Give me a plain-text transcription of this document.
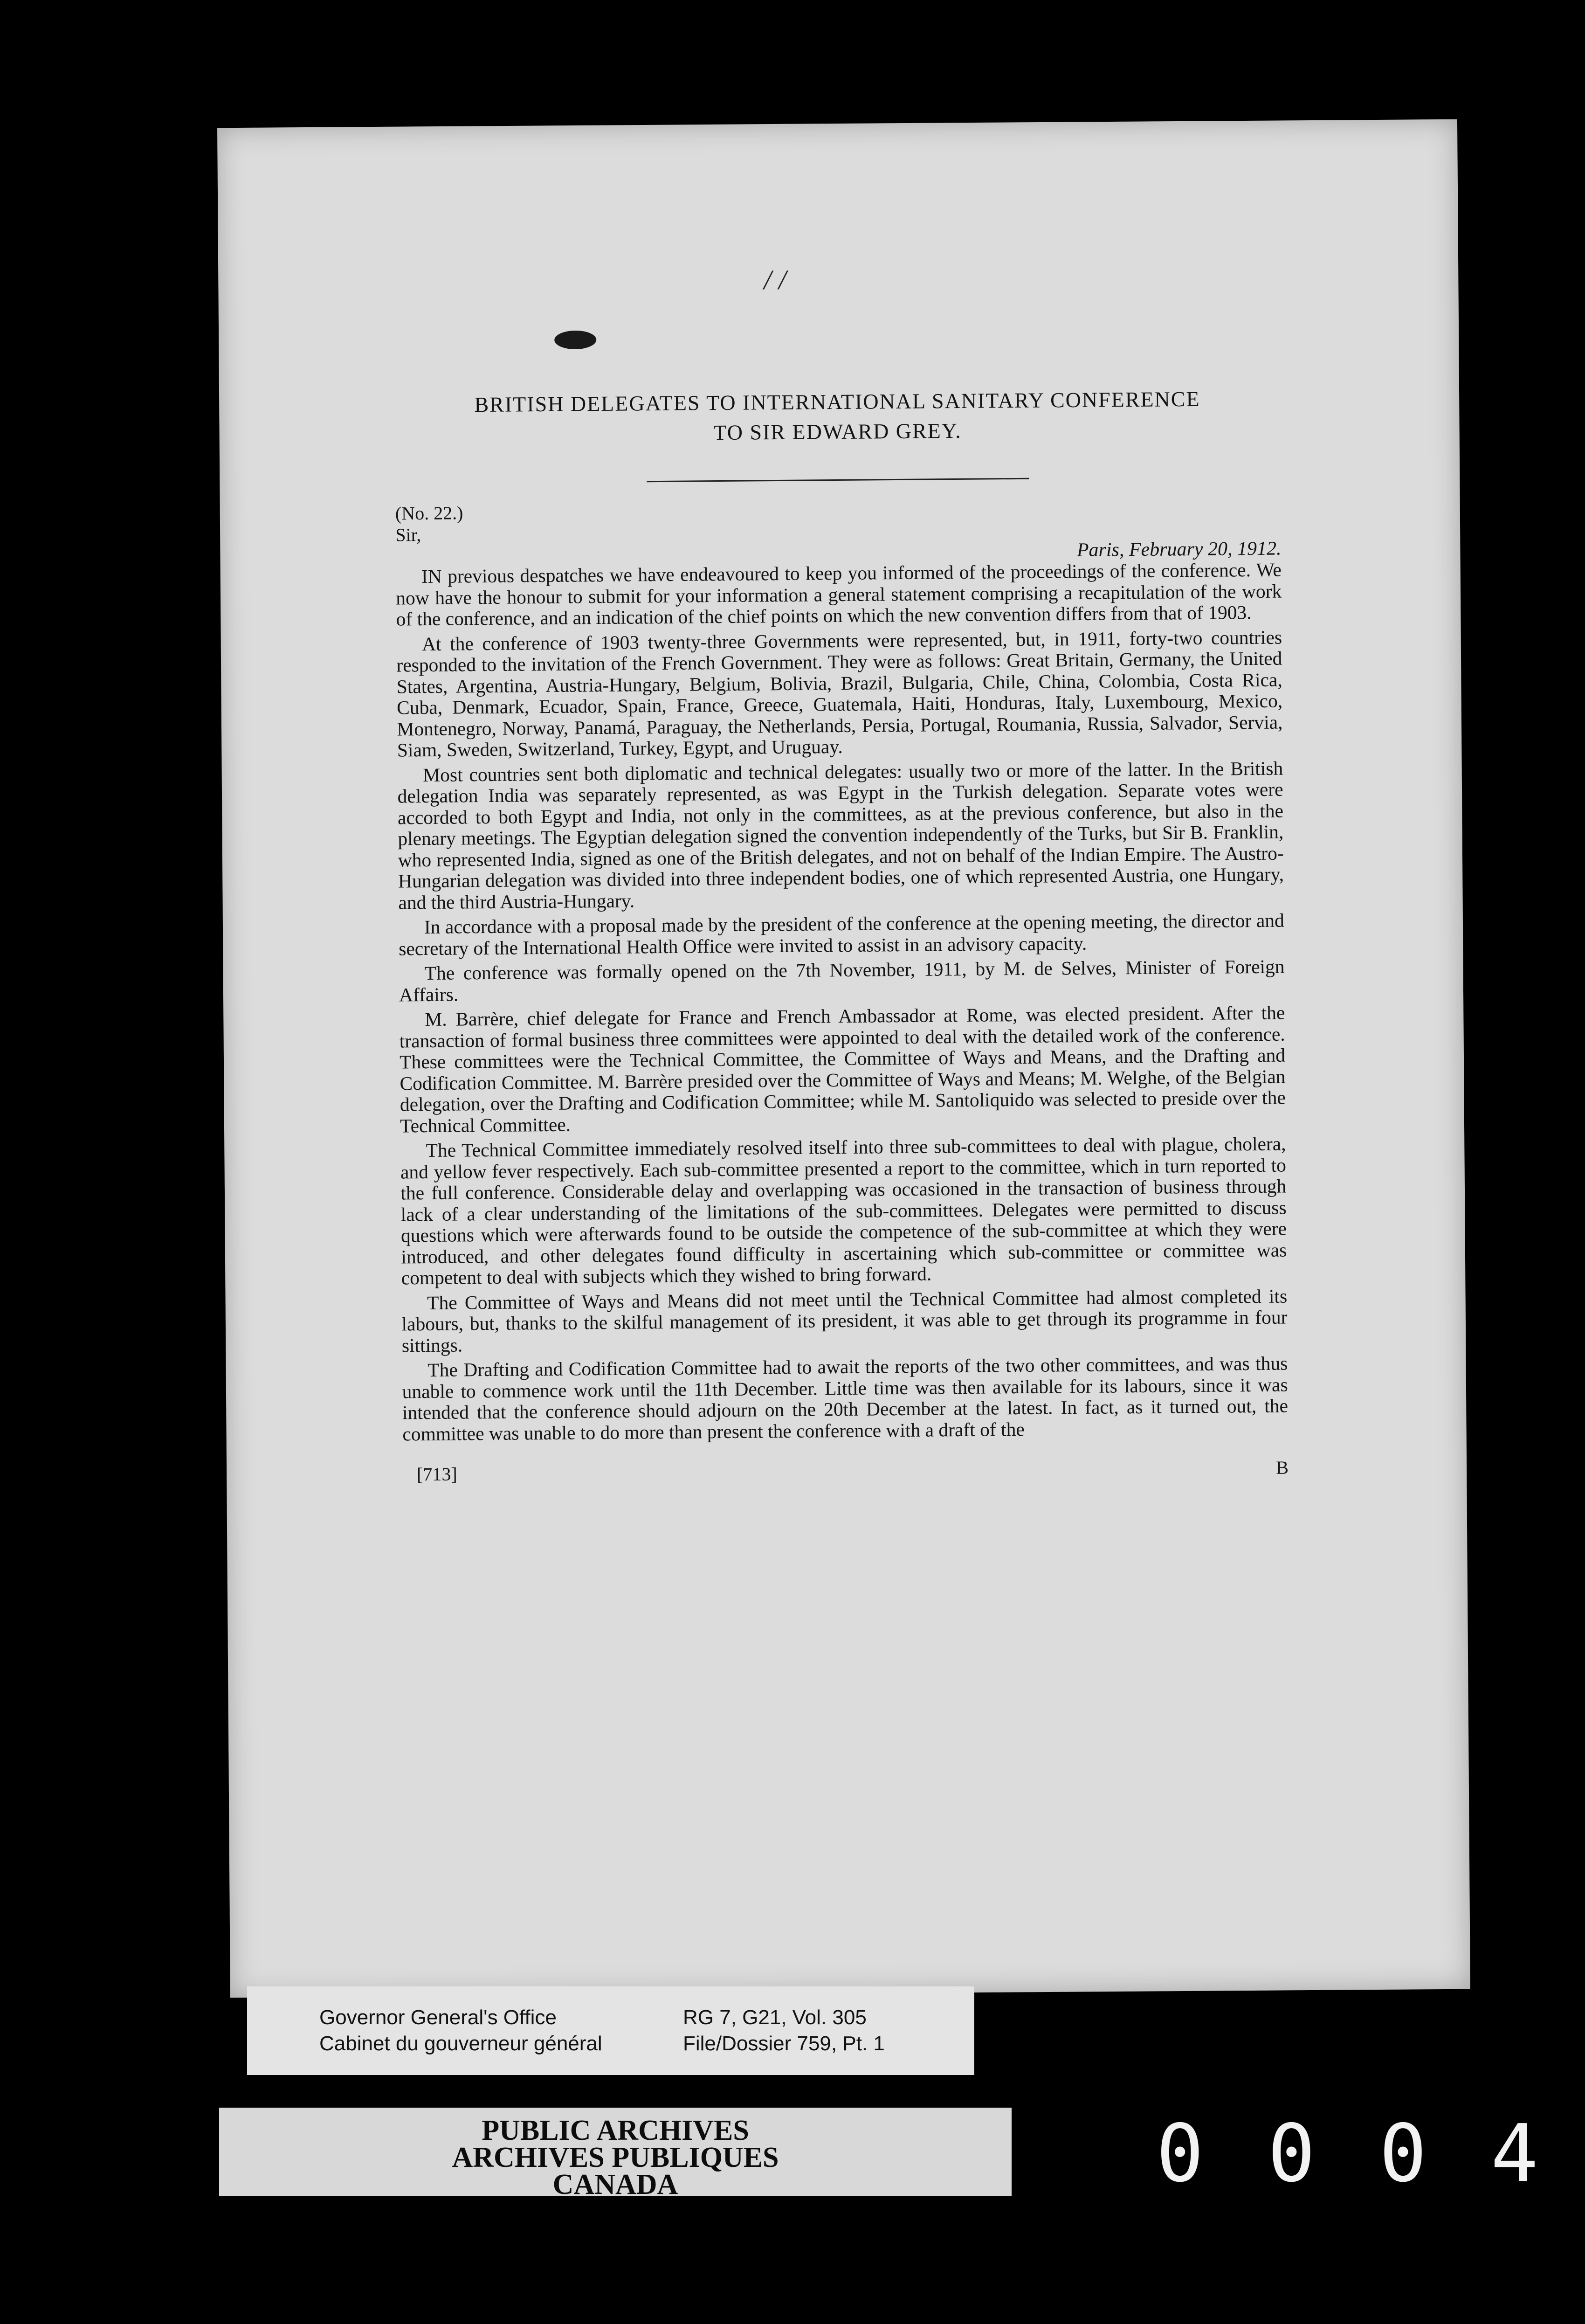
/ /

BRITISH DELEGATES TO INTERNATIONAL SANITARY CONFERENCE

TO SIR EDWARD GREY.

(No. 22.)

Sir,

Paris, February 20, 1912.

IN previous despatches we have endeavoured to keep you informed of the proceedings of the conference. We now have the honour to submit for your information a general statement comprising a recapitulation of the work of the conference, and an indication of the chief points on which the new convention differs from that of 1903.

At the conference of 1903 twenty-three Governments were represented, but, in 1911, forty-two countries responded to the invitation of the French Government. They were as follows: Great Britain, Germany, the United States, Argentina, Austria-Hungary, Belgium, Bolivia, Brazil, Bulgaria, Chile, China, Colombia, Costa Rica, Cuba, Denmark, Ecuador, Spain, France, Greece, Guatemala, Haiti, Honduras, Italy, Luxembourg, Mexico, Montenegro, Norway, Panamá, Paraguay, the Netherlands, Persia, Portugal, Roumania, Russia, Salvador, Servia, Siam, Sweden, Switzerland, Turkey, Egypt, and Uruguay.

Most countries sent both diplomatic and technical delegates: usually two or more of the latter. In the British delegation India was separately represented, as was Egypt in the Turkish delegation. Separate votes were accorded to both Egypt and India, not only in the committees, as at the previous conference, but also in the plenary meetings. The Egyptian delegation signed the convention independently of the Turks, but Sir B. Franklin, who represented India, signed as one of the British delegates, and not on behalf of the Indian Empire. The Austro-Hungarian delegation was divided into three independent bodies, one of which represented Austria, one Hungary, and the third Austria-Hungary.

In accordance with a proposal made by the president of the conference at the opening meeting, the director and secretary of the International Health Office were invited to assist in an advisory capacity.

The conference was formally opened on the 7th November, 1911, by M. de Selves, Minister of Foreign Affairs.

M. Barrère, chief delegate for France and French Ambassador at Rome, was elected president. After the transaction of formal business three committees were appointed to deal with the detailed work of the conference. These committees were the Technical Committee, the Committee of Ways and Means, and the Drafting and Codification Committee. M. Barrère presided over the Committee of Ways and Means; M. Welghe, of the Belgian delegation, over the Drafting and Codification Committee; while M. Santoliquido was selected to preside over the Technical Committee.

The Technical Committee immediately resolved itself into three sub-committees to deal with plague, cholera, and yellow fever respectively. Each sub-committee presented a report to the committee, which in turn reported to the full conference. Considerable delay and overlapping was occasioned in the transaction of business through lack of a clear understanding of the limitations of the sub-committees. Delegates were permitted to discuss questions which were afterwards found to be outside the competence of the sub-committee at which they were introduced, and other delegates found difficulty in ascertaining which sub-committee or committee was competent to deal with subjects which they wished to bring forward.

The Committee of Ways and Means did not meet until the Technical Committee had almost completed its labours, but, thanks to the skilful management of its president, it was able to get through its programme in four sittings.

The Drafting and Codification Committee had to await the reports of the two other committees, and was thus unable to commence work until the 11th December. Little time was then available for its labours, since it was intended that the conference should adjourn on the 20th December at the latest. In fact, as it turned out, the committee was unable to do more than present the conference with a draft of the

[713]	B
Governor General's Office
Cabinet du gouverneur général
RG 7, G21, Vol. 305
File/Dossier 759, Pt. 1
PUBLIC ARCHIVES
ARCHIVES PUBLIQUES
CANADA	0 0 0 4
